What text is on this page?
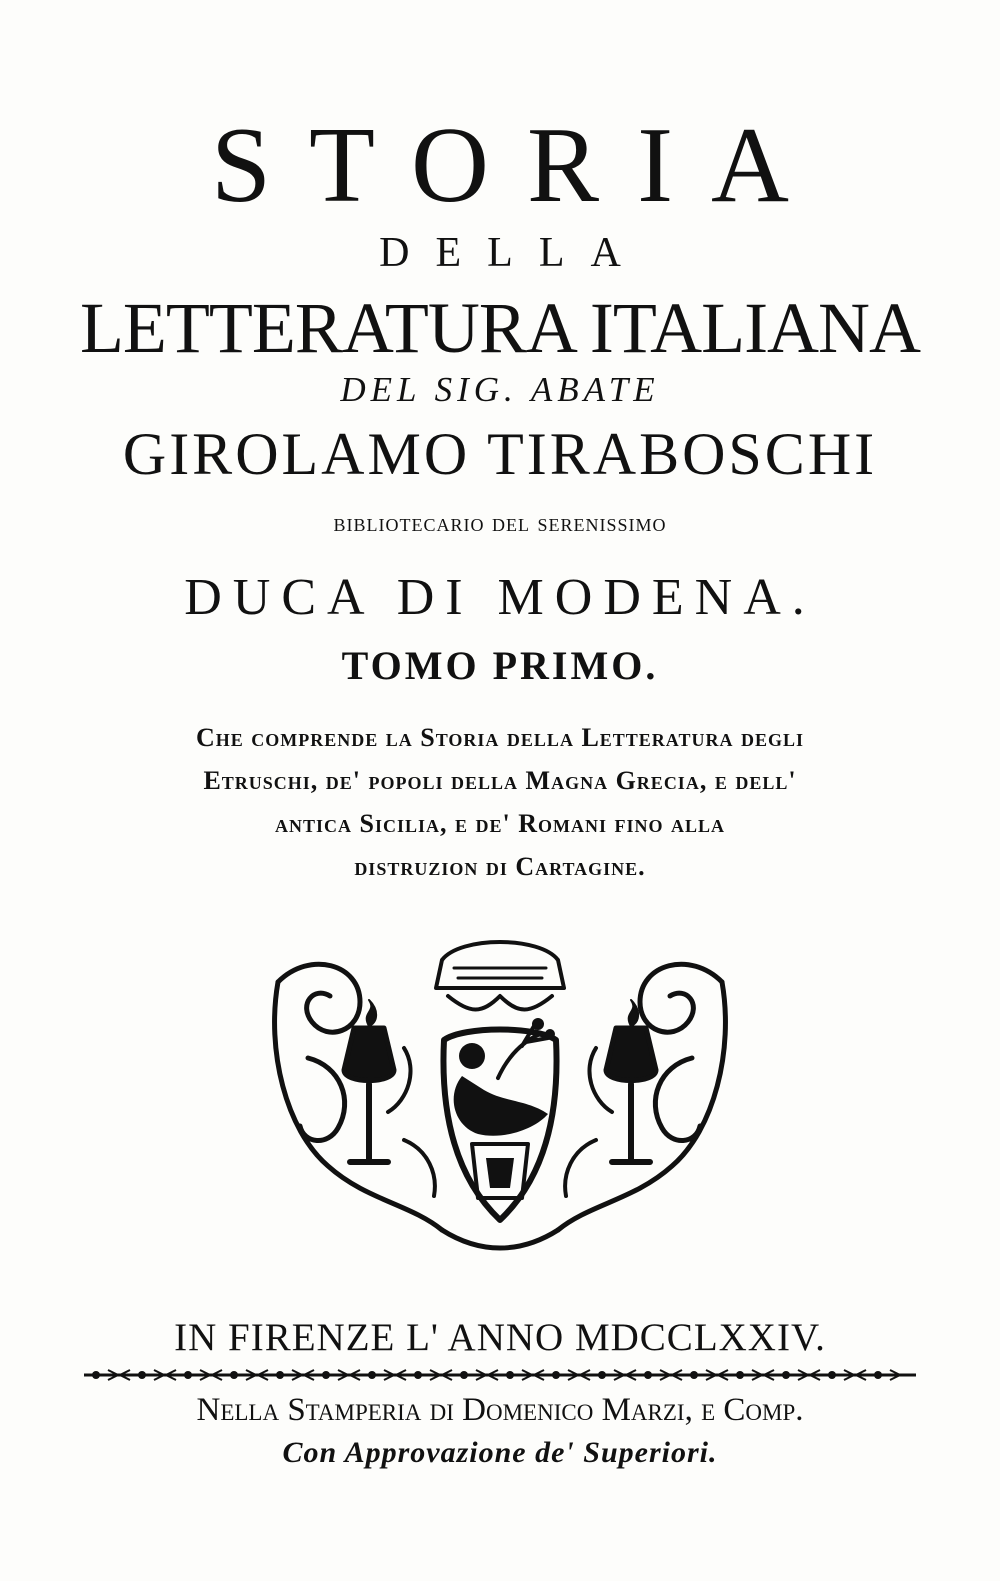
STORIA
DELLA
LETTERATURA ITALIANA
DEL SIG. ABATE
GIROLAMO TIRABOSCHI
bibliotecario del serenissimo
DUCA DI MODENA.
TOMO PRIMO.
Che comprende la Storia della Letteratura degli
Etruschi, de' popoli della Magna Grecia, e dell'
antica Sicilia, e de' Romani fino alla
distruzion di Cartagine.
IN FIRENZE L' ANNO MDCCLXXIV.
Nella Stamperia di Domenico Marzi, e Comp.
Con Approvazione de' Superiori.
